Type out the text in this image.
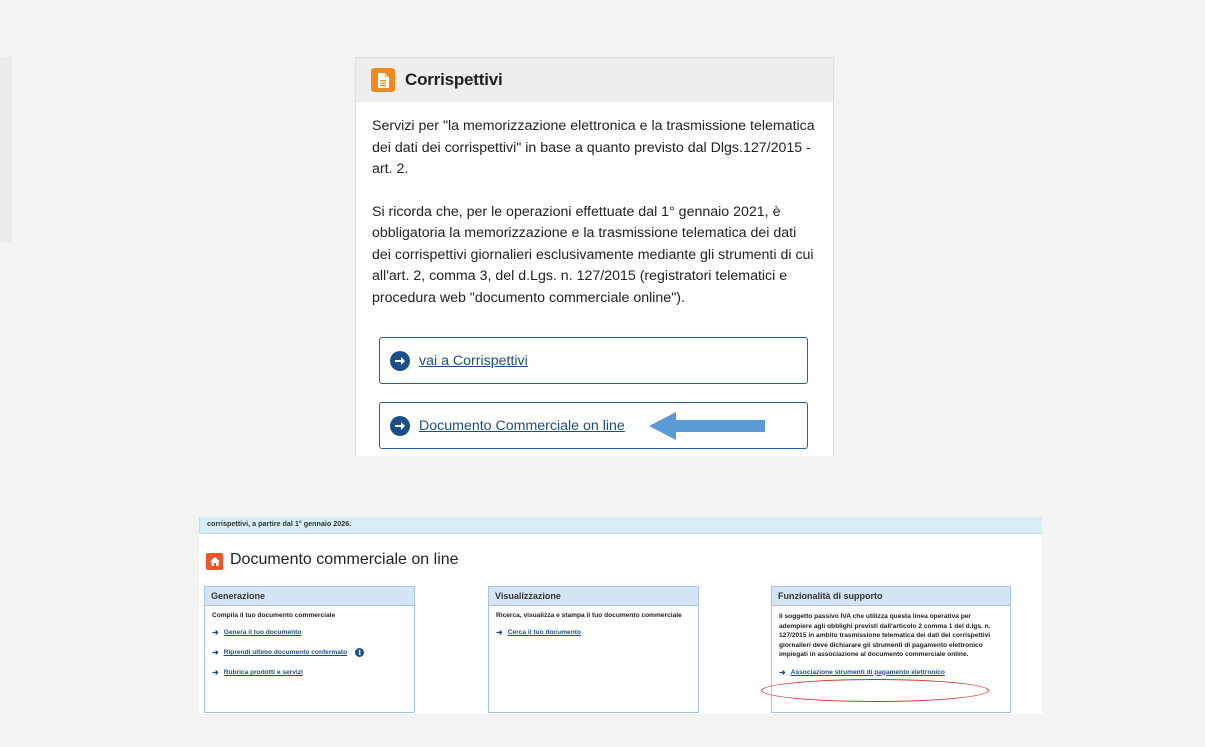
Corrispettivi

Servizi per "la memorizzazione elettronica e la trasmissione telematica dei dati dei corrispettivi" in base a quanto previsto dal Dlgs.127/2015 - art. 2.

Si ricorda che, per le operazioni effettuate dal 1° gennaio 2021, è obbligatoria la memorizzazione e la trasmissione telematica dei dati dei corrispettivi giornalieri esclusivamente mediante gli strumenti di cui all'art. 2, comma 3, del d.Lgs. n. 127/2015 (registratori telematici e procedura web "documento commerciale online").

vai a Corrispettivi
Documento Commerciale on line
corrispettivi, a partire dal 1° gennaio 2026.
Documento commerciale on line
Generazione
Compila il tuo documento commerciale
➜ Genera il tuo documento
➜ Riprendi ultimo documento confermato	i
➜ Rubrica prodotti e servizi
Visualizzazione
Ricerca, visualizza e stampa il tuo documento commerciale
➜ Cerca il tuo documento
Funzionalità di supporto
Il soggetto passivo IVA che utilizza questa linea operativa per adempiere agli obblighi previsti dall'articolo 2 comma 1 del d.lgs. n. 127/2015 in ambito trasmissione telematica dei dati dei corrispettivi giornalieri deve dichiarare gli strumenti di pagamento elettronico impiegati in associazione al documento commerciale online.
➜ Associazione strumenti di pagamento elettronico
